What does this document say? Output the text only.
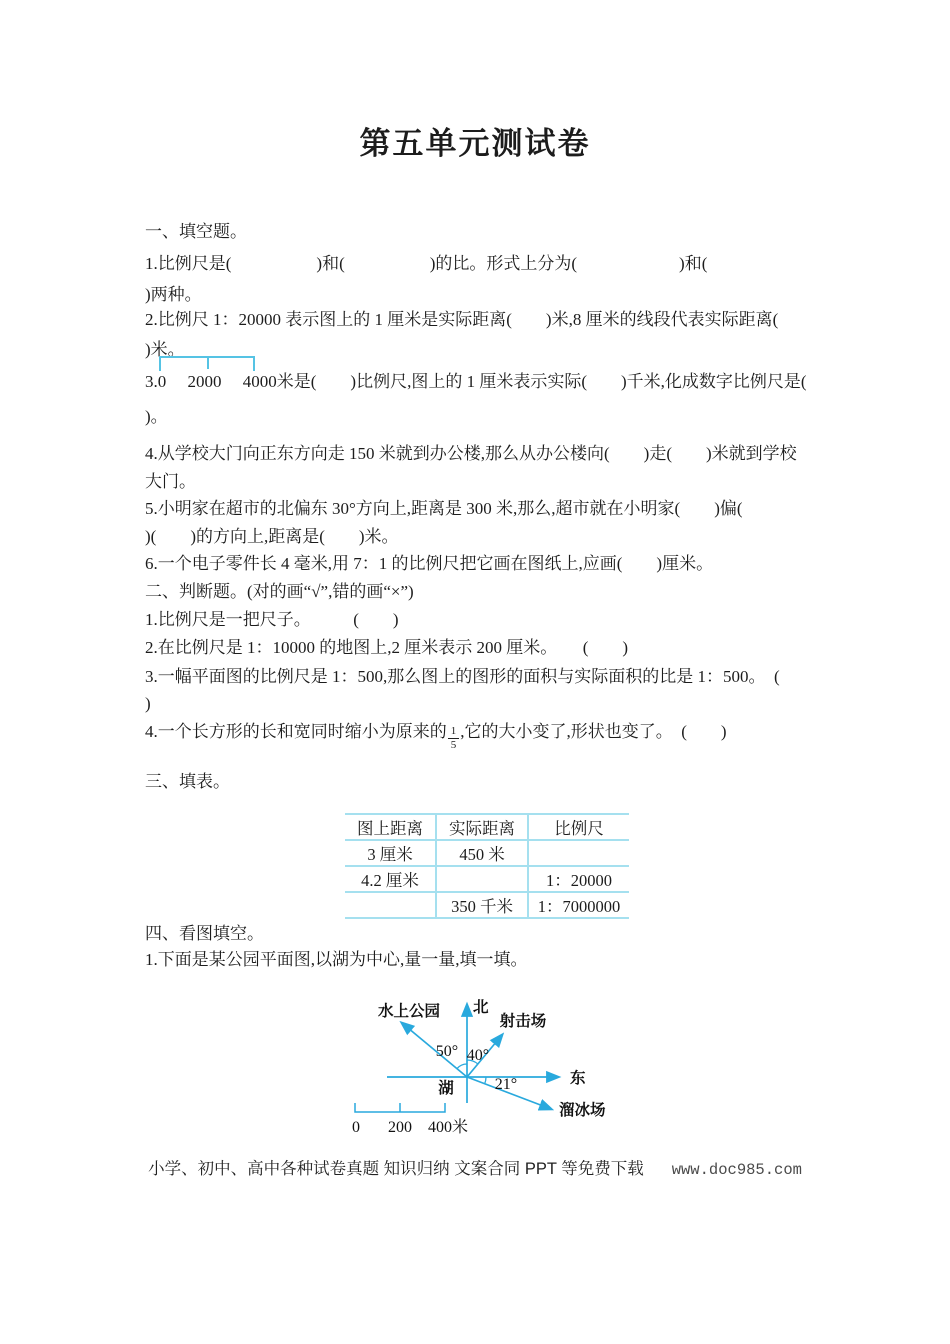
第五单元测试卷
一、填空题。
1.比例尺是(　　　　　)和(　　　　　)的比。形式上分为(　　　　　　)和(
)两种。
2.比例尺 1：20000 表示图上的 1 厘米是实际距离(　　)米,8 厘米的线段代表实际距离(
)米。
3.
0　 2000　 4000米是(　　)比例尺,图上的 1 厘米表示实际(　　)千米,化成数字比例尺是(
)。
4.从学校大门向正东方向走 150 米就到办公楼,那么从办公楼向(　　)走(　　)米就到学校
大门。
5.小明家在超市的北偏东 30°方向上,距离是 300 米,那么,超市就在小明家(　　)偏(
)(　　)的方向上,距离是(　　)米。
6.一个电子零件长 4 毫米,用 7：1 的比例尺把它画在图纸上,应画(　　)厘米。
二、判断题。(对的画“√”,错的画“×”)
1.比例尺是一把尺子。　　　(　　)
2.在比例尺是 1：10000 的地图上,2 厘米表示 200 厘米。　　(　　)
3.一幅平面图的比例尺是 1：500,那么图上的图形的面积与实际面积的比是 1：500。　(
)
4.一个长方形的长和宽同时缩小为原来的 $\frac{1}{5}$ ,它的大小变了,形状也变了。　(　　)
三、填表。
图上距离	实际距离	比例尺
3 厘米	450 米	
4.2 厘米		1：20000
	350 千米	1：7000000
四、看图填空。
1.下面是某公园平面图,以湖为中心,量一量,填一填。
北
东
湖
水上公园
射击场
溜冰场
50° 40°
21°
0 200 400米
小学、初中、高中各种试卷真题 知识归纳 文案合同 PPT 等免费下载 www.doc985.com
